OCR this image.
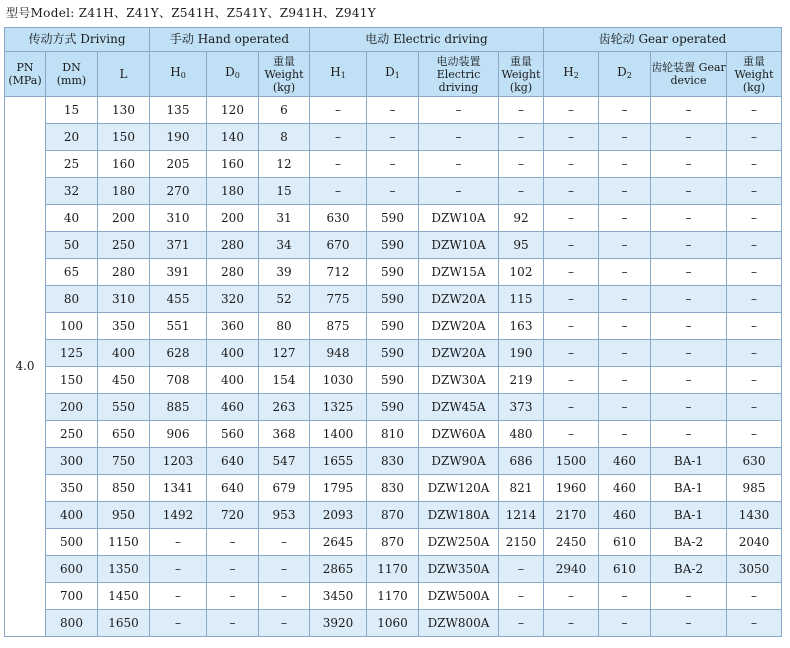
型号Model: Z41H、Z41Y、Z541H、Z541Y、Z941H、Z941Y
传动方式 Driving			手动 Hand operated			电动 Electric driving				齿轮动 Gear operated			
PN (MPa)	DN (mm)	L	$H_0$	$D_0$	重量 Weight (kg)	$H_1$	$D_1$	电动装置 Electric driving	重量 Weight (kg)	$H_2$	$D_2$	齿轮装置 Gear device	重量 Weight (kg)
4.0	15	130	135	120	6	–	–	–	–	–	–	–	–
	20	150	190	140	8	–	–	–	–	–	–	–	–
	25	160	205	160	12	–	–	–	–	–	–	–	–
	32	180	270	180	15	–	–	–	–	–	–	–	–
	40	200	310	200	31	630	590	DZW10A	92	–	–	–	–
	50	250	371	280	34	670	590	DZW10A	95	–	–	–	–
	65	280	391	280	39	712	590	DZW15A	102	–	–	–	–
	80	310	455	320	52	775	590	DZW20A	115	–	–	–	–
	100	350	551	360	80	875	590	DZW20A	163	–	–	–	–
	125	400	628	400	127	948	590	DZW20A	190	–	–	–	–
	150	450	708	400	154	1030	590	DZW30A	219	–	–	–	–
	200	550	885	460	263	1325	590	DZW45A	373	–	–	–	–
	250	650	906	560	368	1400	810	DZW60A	480	–	–	–	–
	300	750	1203	640	547	1655	830	DZW90A	686	1500	460	BA-1	630
	350	850	1341	640	679	1795	830	DZW120A	821	1960	460	BA-1	985
	400	950	1492	720	953	2093	870	DZW180A	1214	2170	460	BA-1	1430
	500	1150	–	–	–	2645	870	DZW250A	2150	2450	610	BA-2	2040
	600	1350	–	–	–	2865	1170	DZW350A	–	2940	610	BA-2	3050
	700	1450	–	–	–	3450	1170	DZW500A	–	–	–	–	–
	800	1650	–	–	–	3920	1060	DZW800A	–	–	–	–	–
